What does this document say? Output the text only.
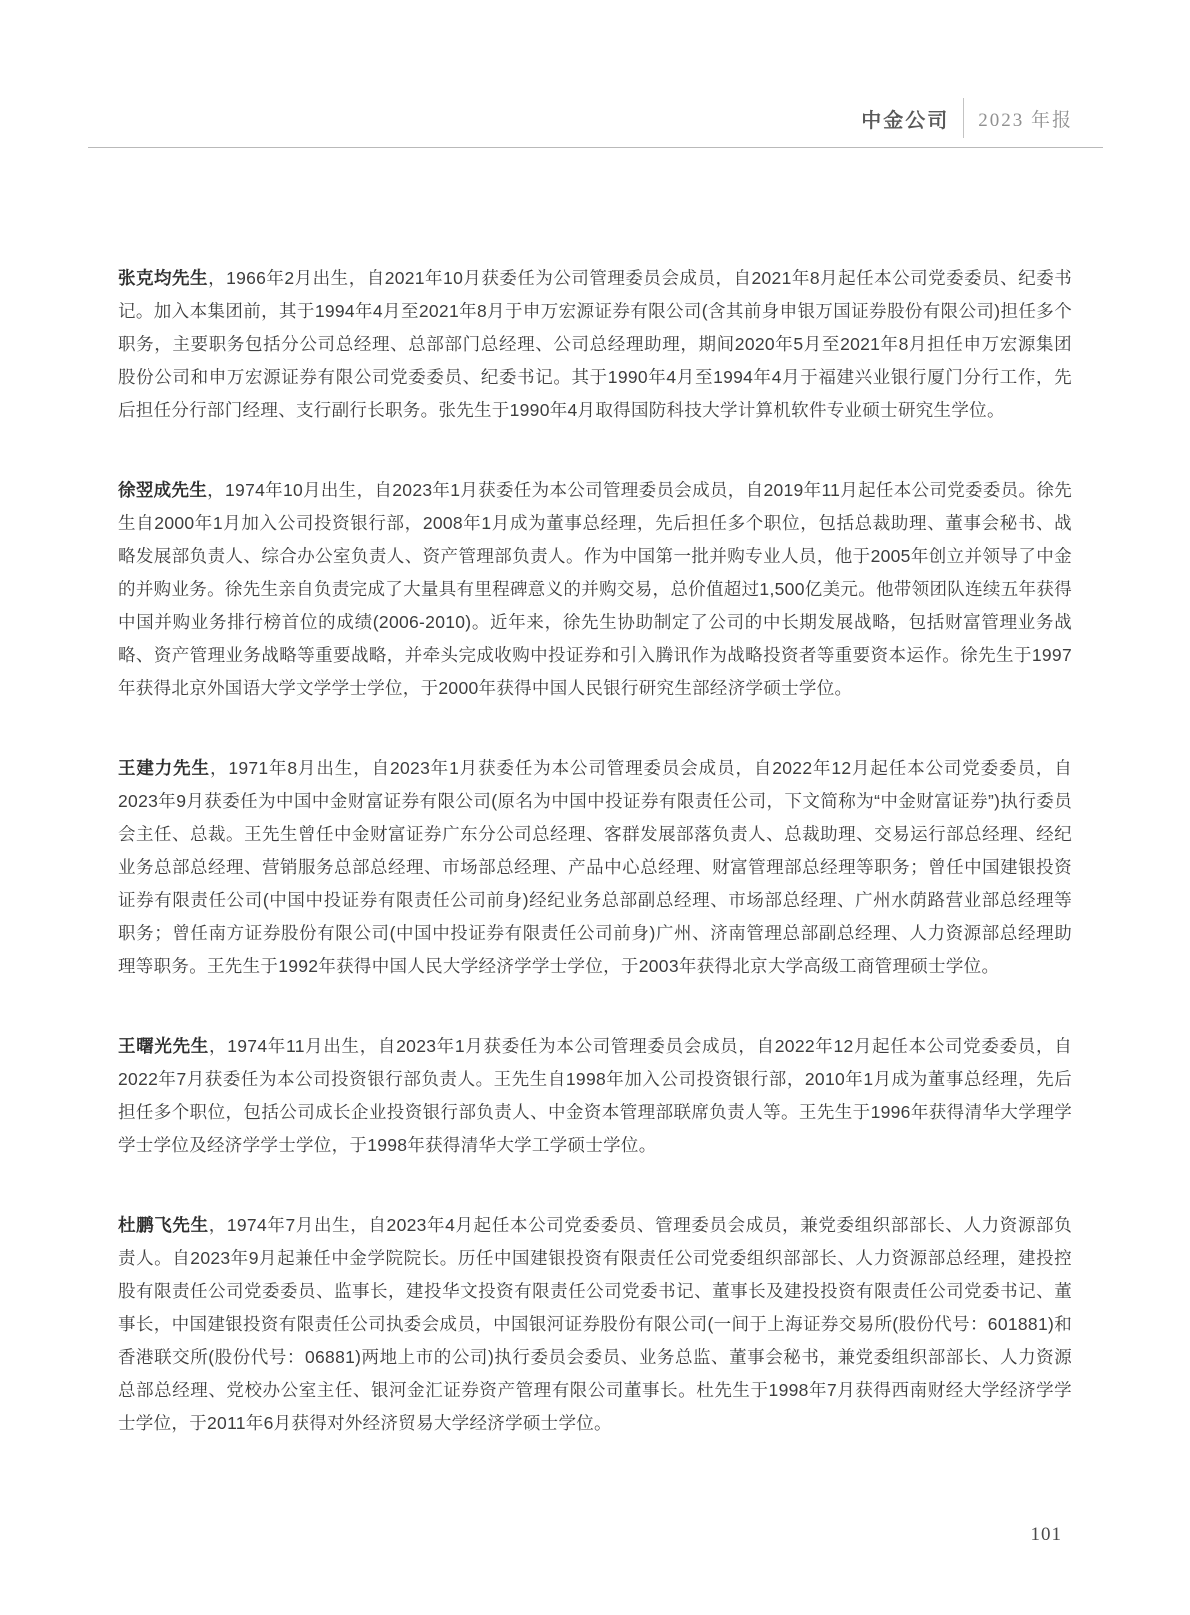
中金公司 2023 年报

张克均先生，1966年2月出生，自2021年10月获委任为公司管理委员会成员，自2021年8月起任本公司党委委员、纪委书记。加入本集团前，其于1994年4月至2021年8月于申万宏源证券有限公司(含其前身申银万国证券股份有限公司)担任多个职务，主要职务包括分公司总经理、总部部门总经理、公司总经理助理，期间2020年5月至2021年8月担任申万宏源集团股份公司和申万宏源证券有限公司党委委员、纪委书记。其于1990年4月至1994年4月于福建兴业银行厦门分行工作，先后担任分行部门经理、支行副行长职务。张先生于1990年4月取得国防科技大学计算机软件专业硕士研究生学位。

徐翌成先生，1974年10月出生，自2023年1月获委任为本公司管理委员会成员，自2019年11月起任本公司党委委员。徐先生自2000年1月加入公司投资银行部，2008年1月成为董事总经理，先后担任多个职位，包括总裁助理、董事会秘书、战略发展部负责人、综合办公室负责人、资产管理部负责人。作为中国第一批并购专业人员，他于2005年创立并领导了中金的并购业务。徐先生亲自负责完成了大量具有里程碑意义的并购交易，总价值超过1,500亿美元。他带领团队连续五年获得中国并购业务排行榜首位的成绩(2006-2010)。近年来，徐先生协助制定了公司的中长期发展战略，包括财富管理业务战略、资产管理业务战略等重要战略，并牵头完成收购中投证券和引入腾讯作为战略投资者等重要资本运作。徐先生于1997年获得北京外国语大学文学学士学位，于2000年获得中国人民银行研究生部经济学硕士学位。

王建力先生，1971年8月出生，自2023年1月获委任为本公司管理委员会成员，自2022年12月起任本公司党委委员，自2023年9月获委任为中国中金财富证券有限公司(原名为中国中投证券有限责任公司，下文简称为“中金财富证券”)执行委员会主任、总裁。王先生曾任中金财富证券广东分公司总经理、客群发展部落负责人、总裁助理、交易运行部总经理、经纪业务总部总经理、营销服务总部总经理、市场部总经理、产品中心总经理、财富管理部总经理等职务；曾任中国建银投资证券有限责任公司(中国中投证券有限责任公司前身)经纪业务总部副总经理、市场部总经理、广州水荫路营业部总经理等职务；曾任南方证券股份有限公司(中国中投证券有限责任公司前身)广州、济南管理总部副总经理、人力资源部总经理助理等职务。王先生于1992年获得中国人民大学经济学学士学位，于2003年获得北京大学高级工商管理硕士学位。

王曙光先生，1974年11月出生，自2023年1月获委任为本公司管理委员会成员，自2022年12月起任本公司党委委员，自2022年7月获委任为本公司投资银行部负责人。王先生自1998年加入公司投资银行部，2010年1月成为董事总经理，先后担任多个职位，包括公司成长企业投资银行部负责人、中金资本管理部联席负责人等。王先生于1996年获得清华大学理学学士学位及经济学学士学位，于1998年获得清华大学工学硕士学位。

杜鹏飞先生，1974年7月出生，自2023年4月起任本公司党委委员、管理委员会成员，兼党委组织部部长、人力资源部负责人。自2023年9月起兼任中金学院院长。历任中国建银投资有限责任公司党委组织部部长、人力资源部总经理，建投控股有限责任公司党委委员、监事长，建投华文投资有限责任公司党委书记、董事长及建投投资有限责任公司党委书记、董事长，中国建银投资有限责任公司执委会成员，中国银河证券股份有限公司(一间于上海证券交易所(股份代号：601881)和香港联交所(股份代号：06881)两地上市的公司)执行委员会委员、业务总监、董事会秘书，兼党委组织部部长、人力资源总部总经理、党校办公室主任、银河金汇证券资产管理有限公司董事长。杜先生于1998年7月获得西南财经大学经济学学士学位，于2011年6月获得对外经济贸易大学经济学硕士学位。

101
